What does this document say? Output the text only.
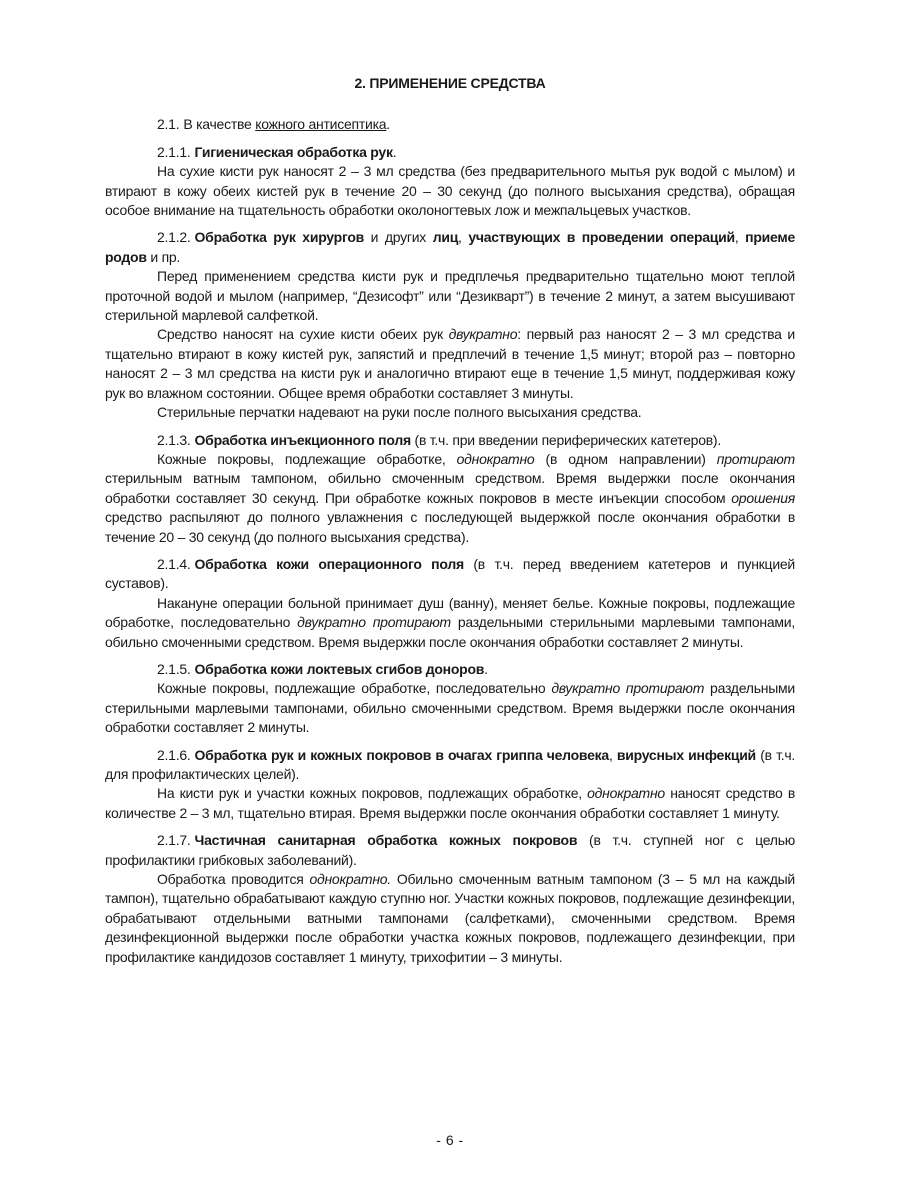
2. ПРИМЕНЕНИЕ СРЕДСТВА

2.1. В качестве кожного антисептика.

2.1.1. Гигиеническая обработка рук.

На сухие кисти рук наносят 2 – 3 мл средства (без предварительного мытья рук водой с мылом) и втирают в кожу обеих кистей рук в течение 20 – 30 секунд (до полного высыхания средства), обращая особое внимание на тщательность обработки околоногтевых лож и межпальцевых участков.

2.1.2. Обработка рук хирургов и других лиц, участвующих в проведении операций, приеме родов и пр.

Перед применением средства кисти рук и предплечья предварительно тщательно моют теплой проточной водой и мылом (например, “Дезисофт” или “Дезикварт”) в течение 2 минут, а затем высушивают стерильной марлевой салфеткой.

Средство наносят на сухие кисти обеих рук двукратно: первый раз наносят 2 – 3 мл средства и тщательно втирают в кожу кистей рук, запястий и предплечий в течение 1,5 минут; второй раз – повторно наносят 2 – 3 мл средства на кисти рук и аналогично втирают еще в течение 1,5 минут, поддерживая кожу рук во влажном состоянии. Общее время обработки составляет 3 минуты.

Стерильные перчатки надевают на руки после полного высыхания средства.

2.1.3. Обработка инъекционного поля (в т.ч. при введении периферических катетеров).

Кожные покровы, подлежащие обработке, однократно (в одном направлении) протирают стерильным ватным тампоном, обильно смоченным средством. Время выдержки после окончания обработки составляет 30 секунд. При обработке кожных покровов в месте инъекции способом орошения средство распыляют до полного увлажнения с последующей выдержкой после окончания обработки в течение 20 – 30 секунд (до полного высыхания средства).

2.1.4. Обработка кожи операционного поля (в т.ч. перед введением катетеров и пункцией суставов).

Накануне операции больной принимает душ (ванну), меняет белье. Кожные покровы, подлежащие обработке, последовательно двукратно протирают раздельными стерильными марлевыми тампонами, обильно смоченными средством. Время выдержки после окончания обработки составляет 2 минуты.

2.1.5. Обработка кожи локтевых сгибов доноров.

Кожные покровы, подлежащие обработке, последовательно двукратно протирают раздельными стерильными марлевыми тампонами, обильно смоченными средством. Время выдержки после окончания обработки составляет 2 минуты.

2.1.6. Обработка рук и кожных покровов в очагах гриппа человека, вирусных инфекций (в т.ч. для профилактических целей).

На кисти рук и участки кожных покровов, подлежащих обработке, однократно наносят средство в количестве 2 – 3 мл, тщательно втирая. Время выдержки после окончания обработки составляет 1 минуту.

2.1.7. Частичная санитарная обработка кожных покровов (в т.ч. ступней ног с целью профилактики грибковых заболеваний).

Обработка проводится однократно. Обильно смоченным ватным тампоном (3 – 5 мл на каждый тампон), тщательно обрабатывают каждую ступню ног. Участки кожных покровов, подлежащие дезинфекции, обрабатывают отдельными ватными тампонами (салфетками), смоченными средством. Время дезинфекционной выдержки после обработки участка кожных покровов, подлежащего дезинфекции, при профилактике кандидозов составляет 1 минуту, трихофитии – 3 минуты.

- 6 -
